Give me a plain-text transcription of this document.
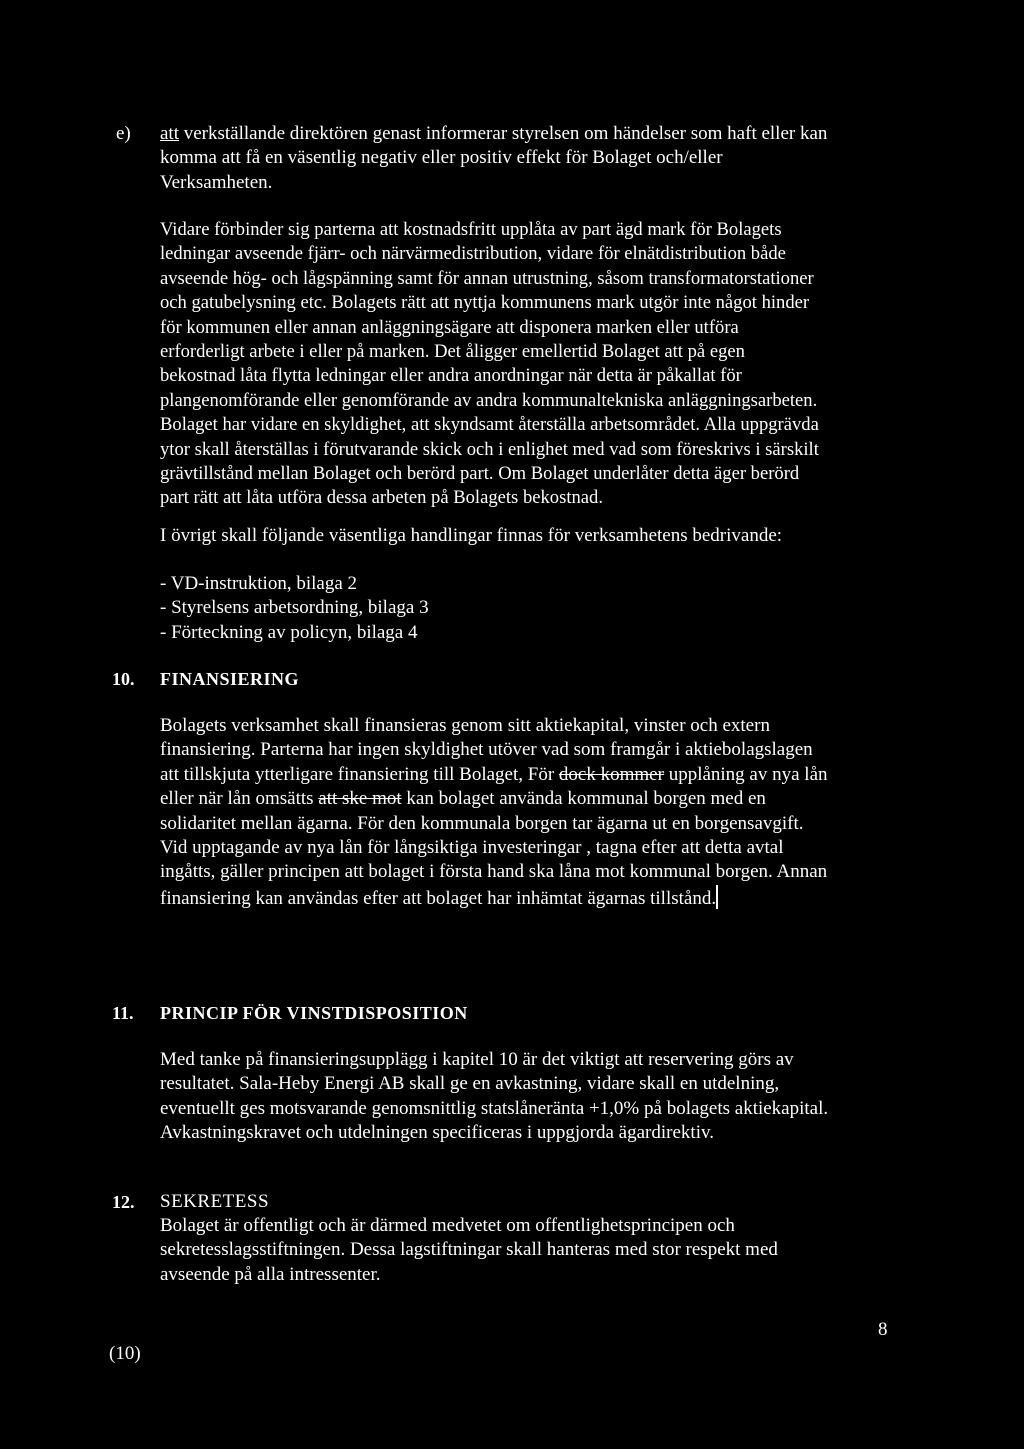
e) att verkställande direktören genast informerar styrelsen om händelser som haft eller kan
komma att få en väsentlig negativ eller positiv effekt för Bolaget och/eller
Verksamheten.
Vidare förbinder sig parterna att kostnadsfritt upplåta av part ägd mark för Bolagets
ledningar avseende fjärr- och närvärmedistribution, vidare för elnätdistribution både
avseende hög- och lågspänning samt för annan utrustning, såsom transformatorstationer
och gatubelysning etc. Bolagets rätt att nyttja kommunens mark utgör inte något hinder
för kommunen eller annan anläggningsägare att disponera marken eller utföra
erforderligt arbete i eller på marken. Det åligger emellertid Bolaget att på egen
bekostnad låta flytta ledningar eller andra anordningar när detta är påkallat för
plangenomförande eller genomförande av andra kommunaltekniska anläggningsarbeten.
Bolaget har vidare en skyldighet, att skyndsamt återställa arbetsområdet. Alla uppgrävda
ytor skall återställas i förutvarande skick och i enlighet med vad som föreskrivs i särskilt
grävtillstånd mellan Bolaget och berörd part. Om Bolaget underlåter detta äger berörd
part rätt att låta utföra dessa arbeten på Bolagets bekostnad.
I övrigt skall följande väsentliga handlingar finnas för verksamhetens bedrivande:
- VD-instruktion, bilaga 2
- Styrelsens arbetsordning, bilaga 3
- Förteckning av policyn, bilaga 4
10. FINANSIERING
Bolagets verksamhet skall finansieras genom sitt aktiekapital, vinster och extern
finansiering. Parterna har ingen skyldighet utöver vad som framgår i aktiebolagslagen
att tillskjuta ytterligare finansiering till Bolaget, För dock kommer upplåning av nya lån
eller när lån omsätts att ske mot kan bolaget använda kommunal borgen med en
solidaritet mellan ägarna. För den kommunala borgen tar ägarna ut en borgensavgift.
Vid upptagande av nya lån för långsiktiga investeringar , tagna efter att detta avtal
ingåtts, gäller principen att bolaget i första hand ska låna mot kommunal borgen. Annan
finansiering kan användas efter att bolaget har inhämtat ägarnas tillstånd.
11. PRINCIP FÖR VINSTDISPOSITION
Med tanke på finansieringsupplägg i kapitel 10 är det viktigt att reservering görs av
resultatet. Sala-Heby Energi AB skall ge en avkastning, vidare skall en utdelning,
eventuellt ges motsvarande genomsnittlig statslåneränta +1,0% på bolagets aktiekapital.
Avkastningskravet och utdelningen specificeras i uppgjorda ägardirektiv.
12. SEKRETESS
Bolaget är offentligt och är därmed medvetet om offentlighetsprincipen och
sekretesslagsstiftningen. Dessa lagstiftningar skall hanteras med stor respekt med
avseende på alla intressenter.
(10)
8
